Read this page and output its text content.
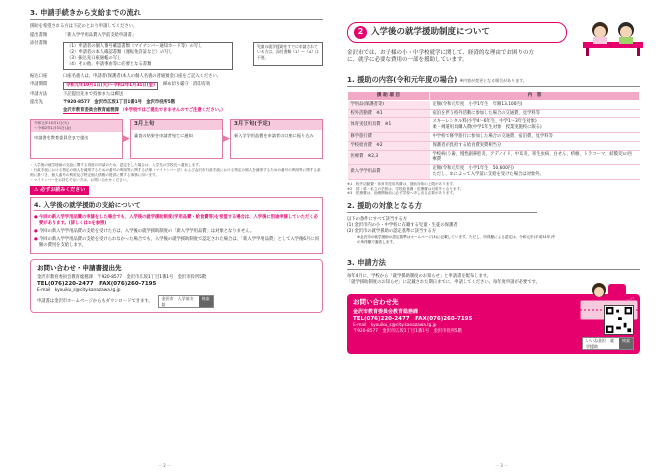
3. 申請手続きから支給までの流れ
援助を希望される方は下記のとおり申請してください。
提出書類	「新入学学用品費入学前支給申請書」
添付書類
（1）申請者の個人番号確認書類（マイナンバー通知カード等）の写し
（2）申請者の本人確認書類（運転免許証など）の写し
（3）振込先口座通帳の写し
（4）その他、申請事由等に必要となる書類
児童の就学援助をすでに申請されている方は、添付書類（1）～（4）は不要。
振込口座	口座名義人は、申請者(保護者)本人の個人名義の普通預金口座をご記入ください。
申請期間	令和元年10月1日(火)～令和2年1月31日(金)	締め切り厳守　消印有効
申請方法	下記提出先まで持参または郵送
提出先	〒920-8577　金沢市広坂1丁目1番1号　金沢市役所5階
金沢市教育委員会教育総務課 （※学校ではご提出できませんのでご注意ください。）
令和元年10月1日(火)
～令和2年1月31日(金)
申請書を教育委員会まで提出	▶
3月上旬
審査の結果を申請者宛てに通知	▶
3月下旬(予定)
新入学学用品費を申請者の口座に振り込み
・入学後の就学援助の支給に関する再度の申請のため、認定をした場合は、入学先の学校長へ通知します。
・行政手続における特定の個人を識別するための番号の利用等に関する法律（マイナンバー法）および金沢市行政手続における特定の個人を識別するための番号の利用等に関する条例に基づき、個人番号の利用及び特定個人情報の提供に関する事務に用います。
・マイナンバーをお持ちでない方は、お問い合わせください。
⚠ 必ずお読みください
4. 入学後の就学援助の支給について
● 今回の新入学学用品費の申請をした場合でも、入学後の就学援助制度(学用品費・給食費等)を希望する場合は、入学後に別途申請していただく必要があります。(詳しくは②を参照)
● 今回の新入学学用品費の支給を受けた方は、入学後の就学援助制度の「新入学学用品費」は対象となりません。
● 今回の新入学学用品費の支給を受けられなかった場合でも、入学後の就学援助制度で認定された場合は、「新入学学用品費」として入学後6月に同額の費用を支給します。
お問い合わせ・申請書提出先
金沢市教育委員会教育総務課　〒920-8577　金沢市広坂1丁目1番1号　金沢市役所5階
TEL(076)220-2477　FAX(076)260-7195
E-mail　kyouiku_s@city.kanazawa.lg.jp
申請書は金沢市ホームページからもダウンロードできます。	金沢市　入学前支給
検索
－ 2 －
2 入学後の就学援助制度について
金沢市では、お子様の小・中学校就学に関して、経済的な理由でお困りの方に、就学に必要な費用の一部を援助しています。
1. 援助の内容(令和元年度の場合) ※内容が変更となる場合があります。
援 助 項 目	内　容
学用品(保護者等)	定額(令和元年度　小学1年生　年額13,100円)
校外活動費　※1	宿泊を伴う校外活動に参加した場合の交通費、見学料等
体育実技用具費　※1	スキーレンタル料(小学4～6年生、中学1～3年生対象)
柔・剣道用具購入費(中学1年生対象　授業実施校に限る)
修学旅行費	中学校で修学旅行に参加した場合の交通費、宿泊費、見学料等
学校給食費　※2	保護者が負担する給食費実費相当分
医療費　※2,3	学校病(う歯、慢性副鼻腔炎、アデノイド、中耳炎、寄生虫病、白せん、疥癬、トラコーマ、結膜炎)の医療費
新入学学用品費	定額(令和元年度　小学1年生　50,600円)
ただし、①によって入学前に支給を受けた場合は対象外。
※1　校外活動費・体育実技用具費は、援助対象の上限があります。
※2　国・県・私立の学校は、学校給食費・医療費は対象外となります。
※3　医療費は、治療開始前に必ず学校へ申し出る必要があります。
2. 援助の対象となる方
以下の条件にすべて該当する方
(1) 金沢市内の小・中学校に在籍する児童・生徒の保護者
(2) 金沢市の就学援助の認定基準に該当する方
※金沢市の就学援助の認定基準はホームページ(3)に記載しています。ただし、所得額による認定は、令和元年(平成31年)中の所得額で審査します。
3. 申請方法
毎年4月に、学校から「就学援助制度のお知らせ」と申請書を配布します。
「就学援助制度のお知らせ」に記載された期日までに、申請してください。毎年度申請が必要です。
お問い合わせ先
金沢市教育委員会教育総務課
TEL(076)220-2477　FAX(076)260-7195
E-mail　kyouiku_s@city.kanazawa.lg.jp
〒920-8577　金沢市広坂1丁目1番1号　金沢市役所5階
いいね金沢　就学援助
検索
－ 3 －
